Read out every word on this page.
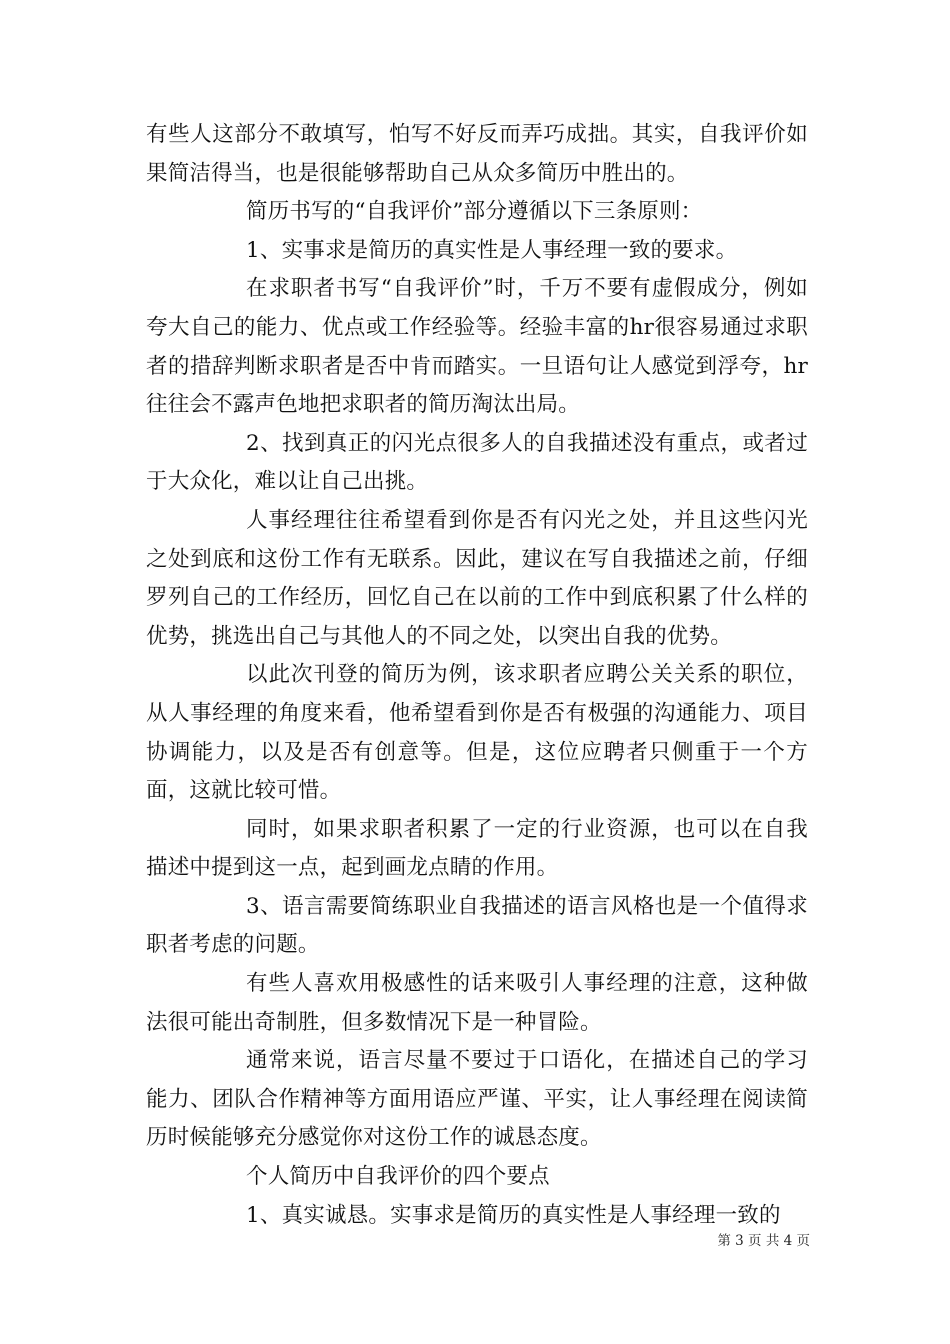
有些人这部分不敢填写，怕写不好反而弄巧成拙。其实，自我评价如果简洁得当，也是很能够帮助自己从众多简历中胜出的。

简历书写的“自我评价”部分遵循以下三条原则：

1、实事求是简历的真实性是人事经理一致的要求。

在求职者书写“自我评价”时，千万不要有虚假成分，例如夸大自己的能力、优点或工作经验等。经验丰富的hr很容易通过求职者的措辞判断求职者是否中肯而踏实。一旦语句让人感觉到浮夸，hr往往会不露声色地把求职者的简历淘汰出局。

2、找到真正的闪光点很多人的自我描述没有重点，或者过于大众化，难以让自己出挑。

人事经理往往希望看到你是否有闪光之处，并且这些闪光之处到底和这份工作有无联系。因此，建议在写自我描述之前，仔细罗列自己的工作经历，回忆自己在以前的工作中到底积累了什么样的优势，挑选出自己与其他人的不同之处，以突出自我的优势。

以此次刊登的简历为例，该求职者应聘公关关系的职位，从人事经理的角度来看，他希望看到你是否有极强的沟通能力、项目协调能力，以及是否有创意等。但是，这位应聘者只侧重于一个方面，这就比较可惜。

同时，如果求职者积累了一定的行业资源，也可以在自我描述中提到这一点，起到画龙点睛的作用。

3、语言需要简练职业自我描述的语言风格也是一个值得求职者考虑的问题。

有些人喜欢用极感性的话来吸引人事经理的注意，这种做法很可能出奇制胜，但多数情况下是一种冒险。

通常来说，语言尽量不要过于口语化，在描述自己的学习能力、团队合作精神等方面用语应严谨、平实，让人事经理在阅读简历时候能够充分感觉你对这份工作的诚恳态度。

个人简历中自我评价的四个要点

1、真实诚恳。实事求是简历的真实性是人事经理一致的

第 3 页 共 4 页
